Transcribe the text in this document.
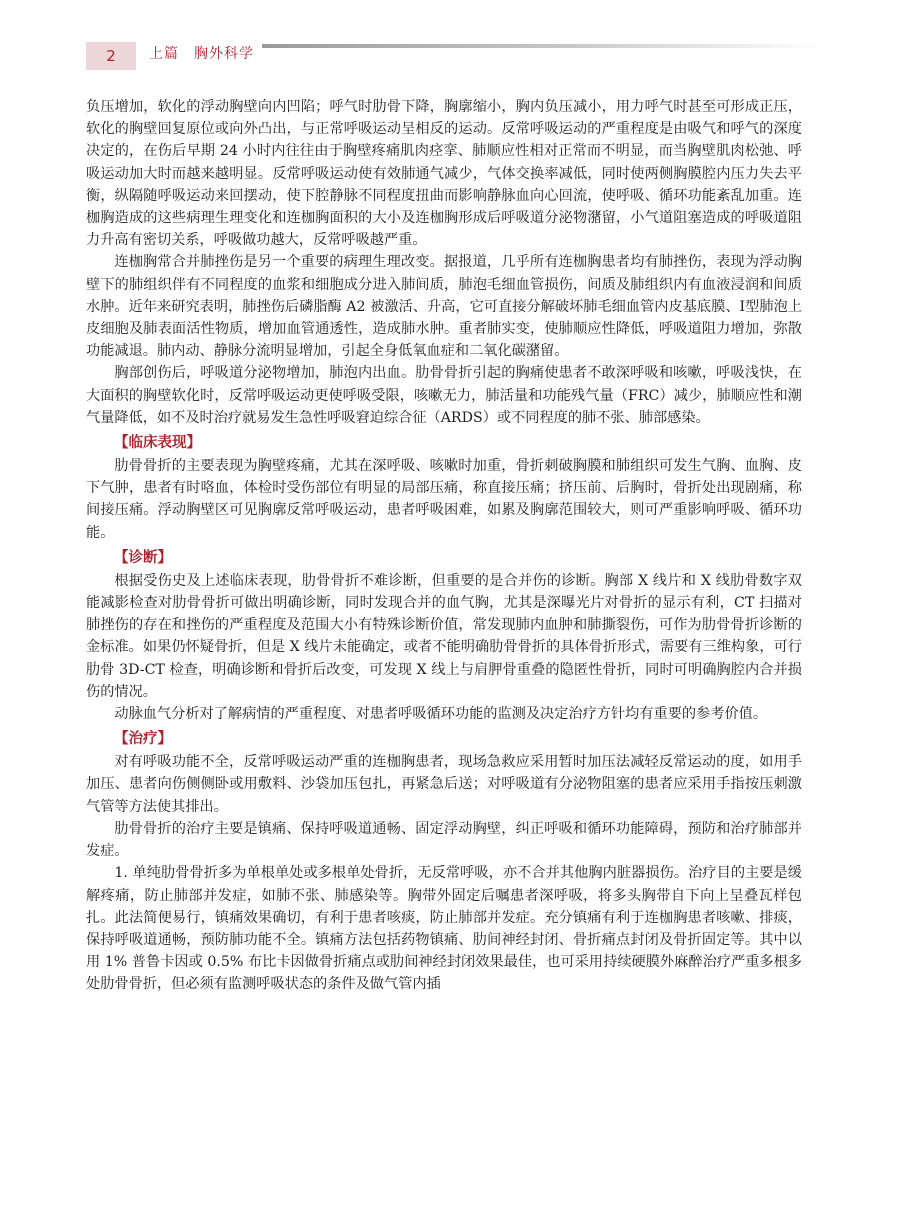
2	上篇　胸外科学

负压增加，软化的浮动胸壁向内凹陷；呼气时肋骨下降，胸廓缩小，胸内负压减小，用力呼气时甚至可形成正压，软化的胸壁回复原位或向外凸出，与正常呼吸运动呈相反的运动。反常呼吸运动的严重程度是由吸气和呼气的深度决定的，在伤后早期 24 小时内往往由于胸壁疼痛肌肉痉挛、肺顺应性相对正常而不明显，而当胸壁肌肉松弛、呼吸运动加大时而越来越明显。反常呼吸运动使有效肺通气减少，气体交换率减低，同时使两侧胸膜腔内压力失去平衡，纵隔随呼吸运动来回摆动，使下腔静脉不同程度扭曲而影响静脉血向心回流，使呼吸、循环功能紊乱加重。连枷胸造成的这些病理生理变化和连枷胸面积的大小及连枷胸形成后呼吸道分泌物潴留，小气道阻塞造成的呼吸道阻力升高有密切关系，呼吸做功越大，反常呼吸越严重。

连枷胸常合并肺挫伤是另一个重要的病理生理改变。据报道，几乎所有连枷胸患者均有肺挫伤，表现为浮动胸壁下的肺组织伴有不同程度的血浆和细胞成分进入肺间质，肺泡毛细血管损伤，间质及肺组织内有血液浸润和间质水肿。近年来研究表明，肺挫伤后磷脂酶 A2 被激活、升高，它可直接分解破坏肺毛细血管内皮基底膜、Ⅰ型肺泡上皮细胞及肺表面活性物质，增加血管通透性，造成肺水肿。重者肺实变，使肺顺应性降低，呼吸道阻力增加，弥散功能减退。肺内动、静脉分流明显增加，引起全身低氧血症和二氧化碳潴留。

胸部创伤后，呼吸道分泌物增加，肺泡内出血。肋骨骨折引起的胸痛使患者不敢深呼吸和咳嗽，呼吸浅快，在大面积的胸壁软化时，反常呼吸运动更使呼吸受限，咳嗽无力，肺活量和功能残气量（FRC）减少，肺顺应性和潮气量降低，如不及时治疗就易发生急性呼吸窘迫综合征（ARDS）或不同程度的肺不张、肺部感染。

【临床表现】

肋骨骨折的主要表现为胸壁疼痛，尤其在深呼吸、咳嗽时加重，骨折刺破胸膜和肺组织可发生气胸、血胸、皮下气肿，患者有时咯血，体检时受伤部位有明显的局部压痛，称直接压痛；挤压前、后胸时，骨折处出现剧痛，称间接压痛。浮动胸壁区可见胸廓反常呼吸运动，患者呼吸困难，如累及胸廓范围较大，则可严重影响呼吸、循环功能。

【诊断】

根据受伤史及上述临床表现，肋骨骨折不难诊断，但重要的是合并伤的诊断。胸部 X 线片和 X 线肋骨数字双能减影检查对肋骨骨折可做出明确诊断，同时发现合并的血气胸，尤其是深曝光片对骨折的显示有利，CT 扫描对肺挫伤的存在和挫伤的严重程度及范围大小有特殊诊断价值，常发现肺内血肿和肺撕裂伤，可作为肋骨骨折诊断的金标准。如果仍怀疑骨折，但是 X 线片未能确定，或者不能明确肋骨骨折的具体骨折形式，需要有三维构象，可行肋骨 3D-CT 检查，明确诊断和骨折后改变，可发现 X 线上与肩胛骨重叠的隐匿性骨折，同时可明确胸腔内合并损伤的情况。

动脉血气分析对了解病情的严重程度、对患者呼吸循环功能的监测及决定治疗方针均有重要的参考价值。

【治疗】

对有呼吸功能不全，反常呼吸运动严重的连枷胸患者，现场急救应采用暂时加压法减轻反常运动的度，如用手加压、患者向伤侧侧卧或用敷料、沙袋加压包扎，再紧急后送；对呼吸道有分泌物阻塞的患者应采用手指按压刺激气管等方法使其排出。

肋骨骨折的治疗主要是镇痛、保持呼吸道通畅、固定浮动胸壁，纠正呼吸和循环功能障碍，预防和治疗肺部并发症。

1. 单纯肋骨骨折多为单根单处或多根单处骨折，无反常呼吸，亦不合并其他胸内脏器损伤。治疗目的主要是缓解疼痛，防止肺部并发症，如肺不张、肺感染等。胸带外固定后嘱患者深呼吸，将多头胸带自下向上呈叠瓦样包扎。此法简便易行，镇痛效果确切，有利于患者咳痰，防止肺部并发症。充分镇痛有利于连枷胸患者咳嗽、排痰，保持呼吸道通畅，预防肺功能不全。镇痛方法包括药物镇痛、肋间神经封闭、骨折痛点封闭及骨折固定等。其中以用 1% 普鲁卡因或 0.5% 布比卡因做骨折痛点或肋间神经封闭效果最佳，也可采用持续硬膜外麻醉治疗严重多根多处肋骨骨折，但必须有监测呼吸状态的条件及做气管内插
